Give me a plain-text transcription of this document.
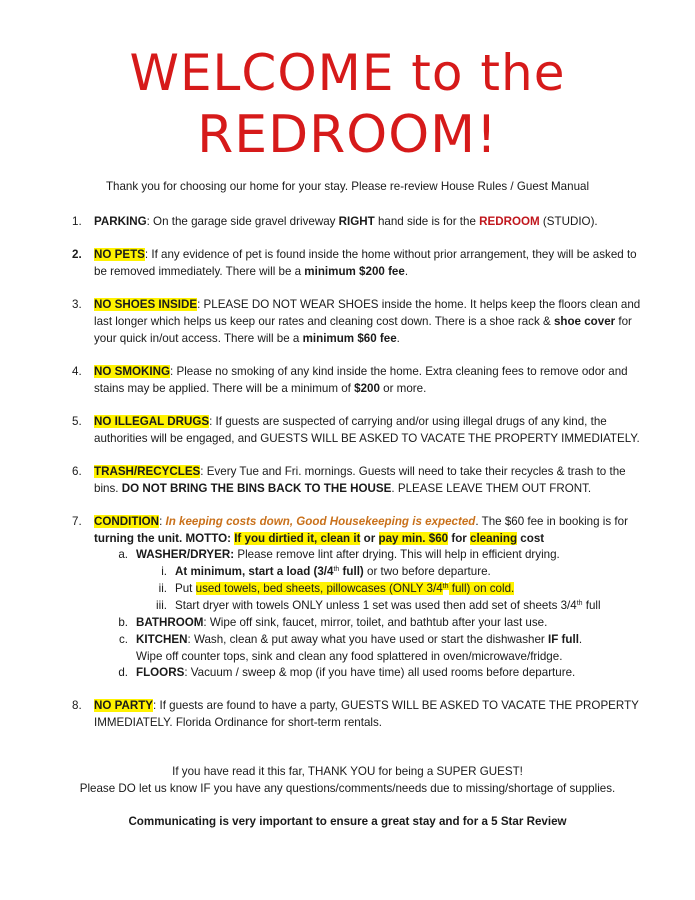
WELCOME to the
REDROOM!
Thank you for choosing our home for your stay. Please re-review House Rules / Guest Manual
1. PARKING: On the garage side gravel driveway RIGHT hand side is for the REDROOM (STUDIO).
2. NO PETS: If any evidence of pet is found inside the home without prior arrangement, they will be asked to be removed immediately. There will be a minimum $200 fee.
3. NO SHOES INSIDE: PLEASE DO NOT WEAR SHOES inside the home. It helps keep the floors clean and last longer which helps us keep our rates and cleaning cost down. There is a shoe rack & shoe cover for your quick in/out access. There will be a minimum $60 fee.
4. NO SMOKING: Please no smoking of any kind inside the home. Extra cleaning fees to remove odor and stains may be applied. There will be a minimum of $200 or more.
5. NO ILLEGAL DRUGS: If guests are suspected of carrying and/or using illegal drugs of any kind, the authorities will be engaged, and GUESTS WILL BE ASKED TO VACATE THE PROPERTY IMMEDIATELY.
6. TRASH/RECYCLES: Every Tue and Fri. mornings. Guests will need to take their recycles & trash to the bins. DO NOT BRING THE BINS BACK TO THE HOUSE. PLEASE LEAVE THEM OUT FRONT.
7. CONDITION: In keeping costs down, Good Housekeeping is expected. The $60 fee in booking is for turning the unit. MOTTO: If you dirtied it, clean it or pay min. $60 for cleaning cost
a. WASHER/DRYER: Please remove lint after drying. This will help in efficient drying.
i. At minimum, start a load (3/4th full) or two before departure.
ii. Put used towels, bed sheets, pillowcases (ONLY 3/4th full) on cold.
iii. Start dryer with towels ONLY unless 1 set was used then add set of sheets 3/4th full
b. BATHROOM: Wipe off sink, faucet, mirror, toilet, and bathtub after your last use.
c. KITCHEN: Wash, clean & put away what you have used or start the dishwasher IF full.
Wipe off counter tops, sink and clean any food splattered in oven/microwave/fridge.
d. FLOORS: Vacuum / sweep & mop (if you have time) all used rooms before departure.
8. NO PARTY: If guests are found to have a party, GUESTS WILL BE ASKED TO VACATE THE PROPERTY IMMEDIATELY. Florida Ordinance for short-term rentals.
If you have read it this far, THANK YOU for being a SUPER GUEST!
Please DO let us know IF you have any questions/comments/needs due to missing/shortage of supplies.
Communicating is very important to ensure a great stay and for a 5 Star Review
